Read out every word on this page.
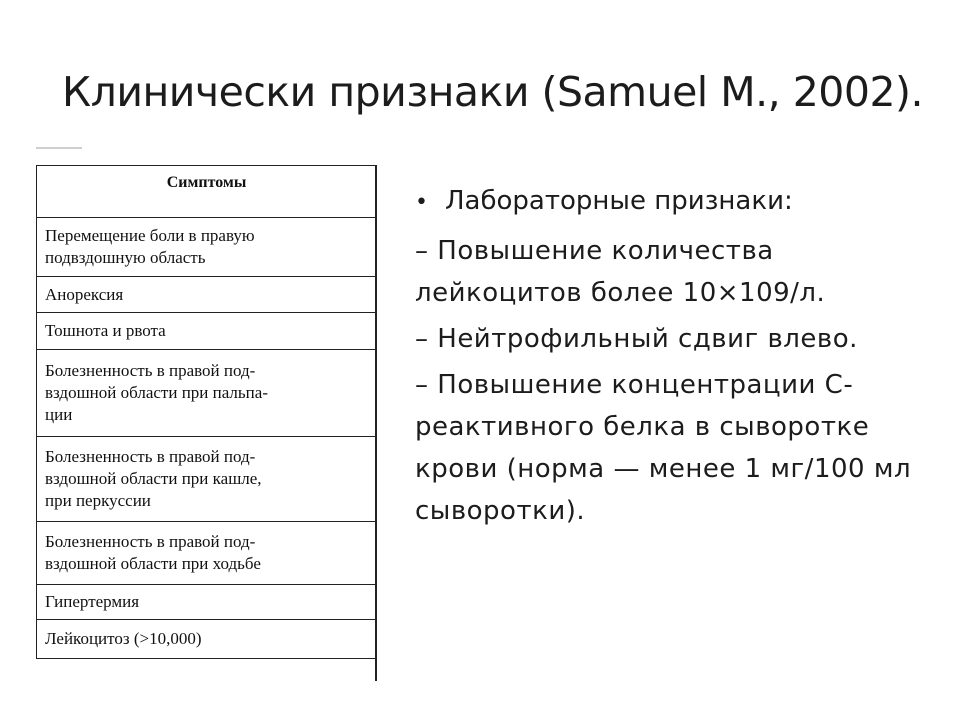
Клинически признаки (Samuel M., 2002).
Симптомы

Перемещение боли в правую
подвздошную область

Анорексия

Тошнота и рвота

Болезненность в правой под-
вздошной области при пальпа-
ции

Болезненность в правой под-
вздошной области при кашле,
при перкуссии

Болезненность в правой под-
вздошной области при ходьбе

Гипертермия

Лейкоцитоз (>10,000)
• Лабораторные признаки:
– Повышение количества лейкоцитов более 10×109/л.
– Нейтрофильный сдвиг влево.
– Повышение концентрации С-реактивного белка в сыворотке крови (норма — менее 1 мг/100 мл сыворотки).
